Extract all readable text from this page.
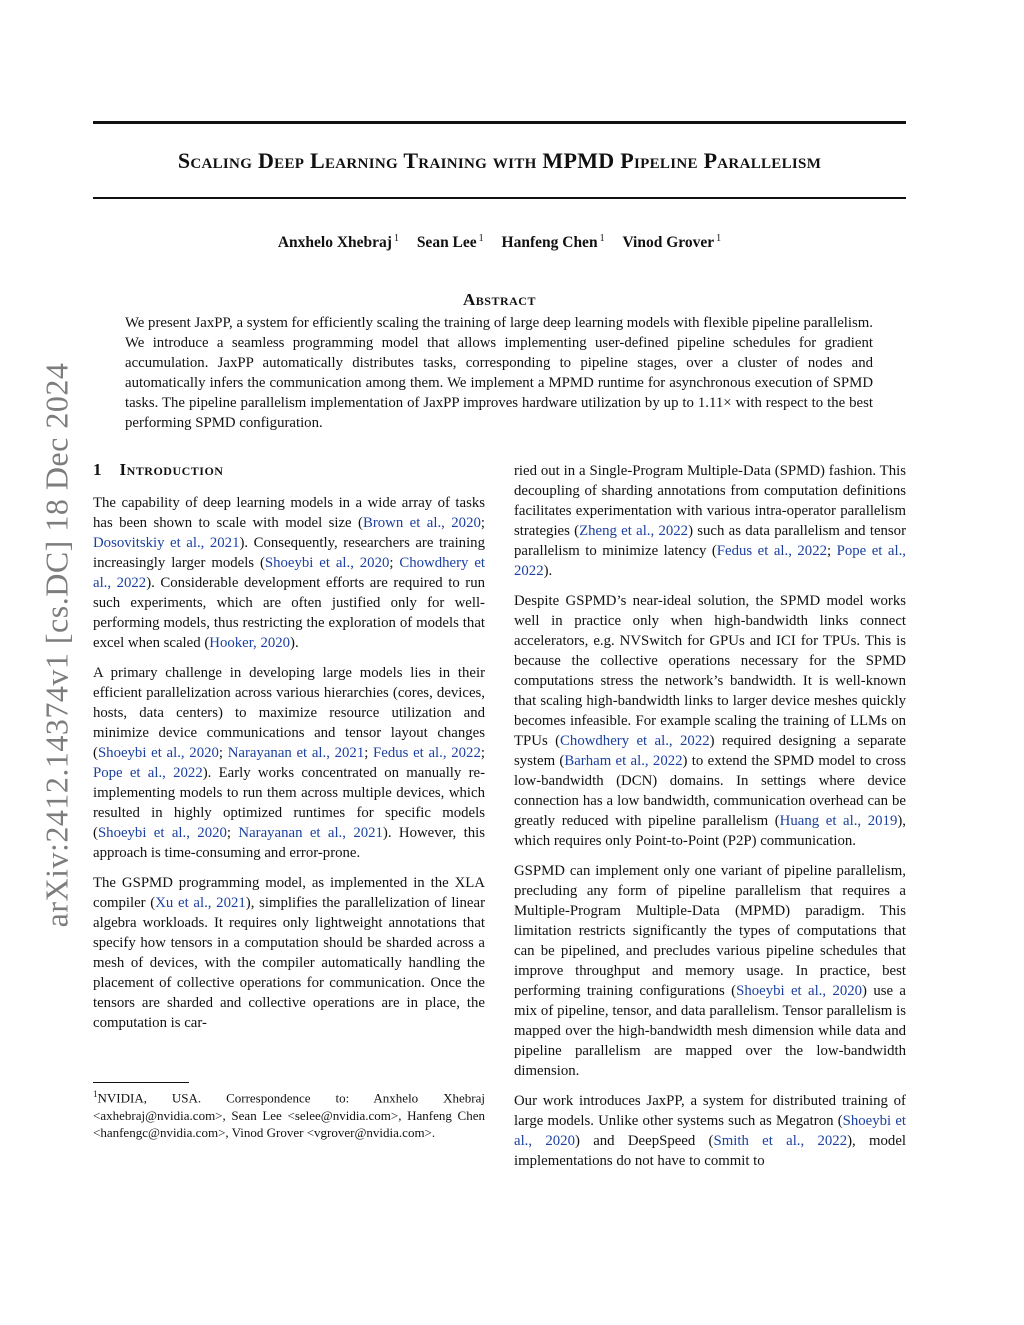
arXiv:2412.14374v1 [cs.DC] 18 Dec 2024
Scaling Deep Learning Training with MPMD Pipeline Parallelism
Anxhelo Xhebraj $^1$ Sean Lee $^1$ Hanfeng Chen $^1$ Vinod Grover $^1$
Abstract

We present JaxPP, a system for efficiently scaling the training of large deep learning models with flexible pipeline parallelism. We introduce a seamless programming model that allows implementing user-defined pipeline schedules for gradient accumulation. JaxPP automatically distributes tasks, corresponding to pipeline stages, over a cluster of nodes and automatically infers the communication among them. We implement a MPMD runtime for asynchronous execution of SPMD tasks. The pipeline parallelism implementation of JaxPP improves hardware utilization by up to 1.11× with respect to the best performing SPMD configuration.

1 Introduction

The capability of deep learning models in a wide array of tasks has been shown to scale with model size (Brown et al., 2020; Dosovitskiy et al., 2021). Consequently, researchers are training increasingly larger models (Shoeybi et al., 2020; Chowdhery et al., 2022). Considerable development efforts are required to run such experiments, which are often justified only for well-performing models, thus restricting the exploration of models that excel when scaled (Hooker, 2020).

A primary challenge in developing large models lies in their efficient parallelization across various hierarchies (cores, devices, hosts, data centers) to maximize resource utilization and minimize device communications and tensor layout changes (Shoeybi et al., 2020; Narayanan et al., 2021; Fedus et al., 2022; Pope et al., 2022). Early works concentrated on manually re-implementing models to run them across multiple devices, which resulted in highly optimized runtimes for specific models (Shoeybi et al., 2020; Narayanan et al., 2021). However, this approach is time-consuming and error-prone.

The GSPMD programming model, as implemented in the XLA compiler (Xu et al., 2021), simplifies the parallelization of linear algebra workloads. It requires only lightweight annotations that specify how tensors in a computation should be sharded across a mesh of devices, with the compiler automatically handling the placement of collective operations for communication. Once the tensors are sharded and collective operations are in place, the computation is car-

ried out in a Single-Program Multiple-Data (SPMD) fashion. This decoupling of sharding annotations from computation definitions facilitates experimentation with various intra-operator parallelism strategies (Zheng et al., 2022) such as data parallelism and tensor parallelism to minimize latency (Fedus et al., 2022; Pope et al., 2022).

Despite GSPMD’s near-ideal solution, the SPMD model works well in practice only when high-bandwidth links connect accelerators, e.g. NVSwitch for GPUs and ICI for TPUs. This is because the collective operations necessary for the SPMD computations stress the network’s bandwidth. It is well-known that scaling high-bandwidth links to larger device meshes quickly becomes infeasible. For example scaling the training of LLMs on TPUs (Chowdhery et al., 2022) required designing a separate system (Barham et al., 2022) to extend the SPMD model to cross low-bandwidth (DCN) domains. In settings where device connection has a low bandwidth, communication overhead can be greatly reduced with pipeline parallelism (Huang et al., 2019), which requires only Point-to-Point (P2P) communication.

GSPMD can implement only one variant of pipeline parallelism, precluding any form of pipeline parallelism that requires a Multiple-Program Multiple-Data (MPMD) paradigm. This limitation restricts significantly the types of computations that can be pipelined, and precludes various pipeline schedules that improve throughput and memory usage. In practice, best performing training configurations (Shoeybi et al., 2020) use a mix of pipeline, tensor, and data parallelism. Tensor parallelism is mapped over the high-bandwidth mesh dimension while data and pipeline parallelism are mapped over the low-bandwidth dimension.

Our work introduces JaxPP, a system for distributed training of large models. Unlike other systems such as Megatron (Shoeybi et al., 2020) and DeepSpeed (Smith et al., 2022), model implementations do not have to commit to

$^1$NVIDIA, USA. Correspondence to: Anxhelo Xhebraj <axhebraj@nvidia.com>, Sean Lee <selee@nvidia.com>, Hanfeng Chen <hanfengc@nvidia.com>, Vinod Grover <vgrover@nvidia.com>.
